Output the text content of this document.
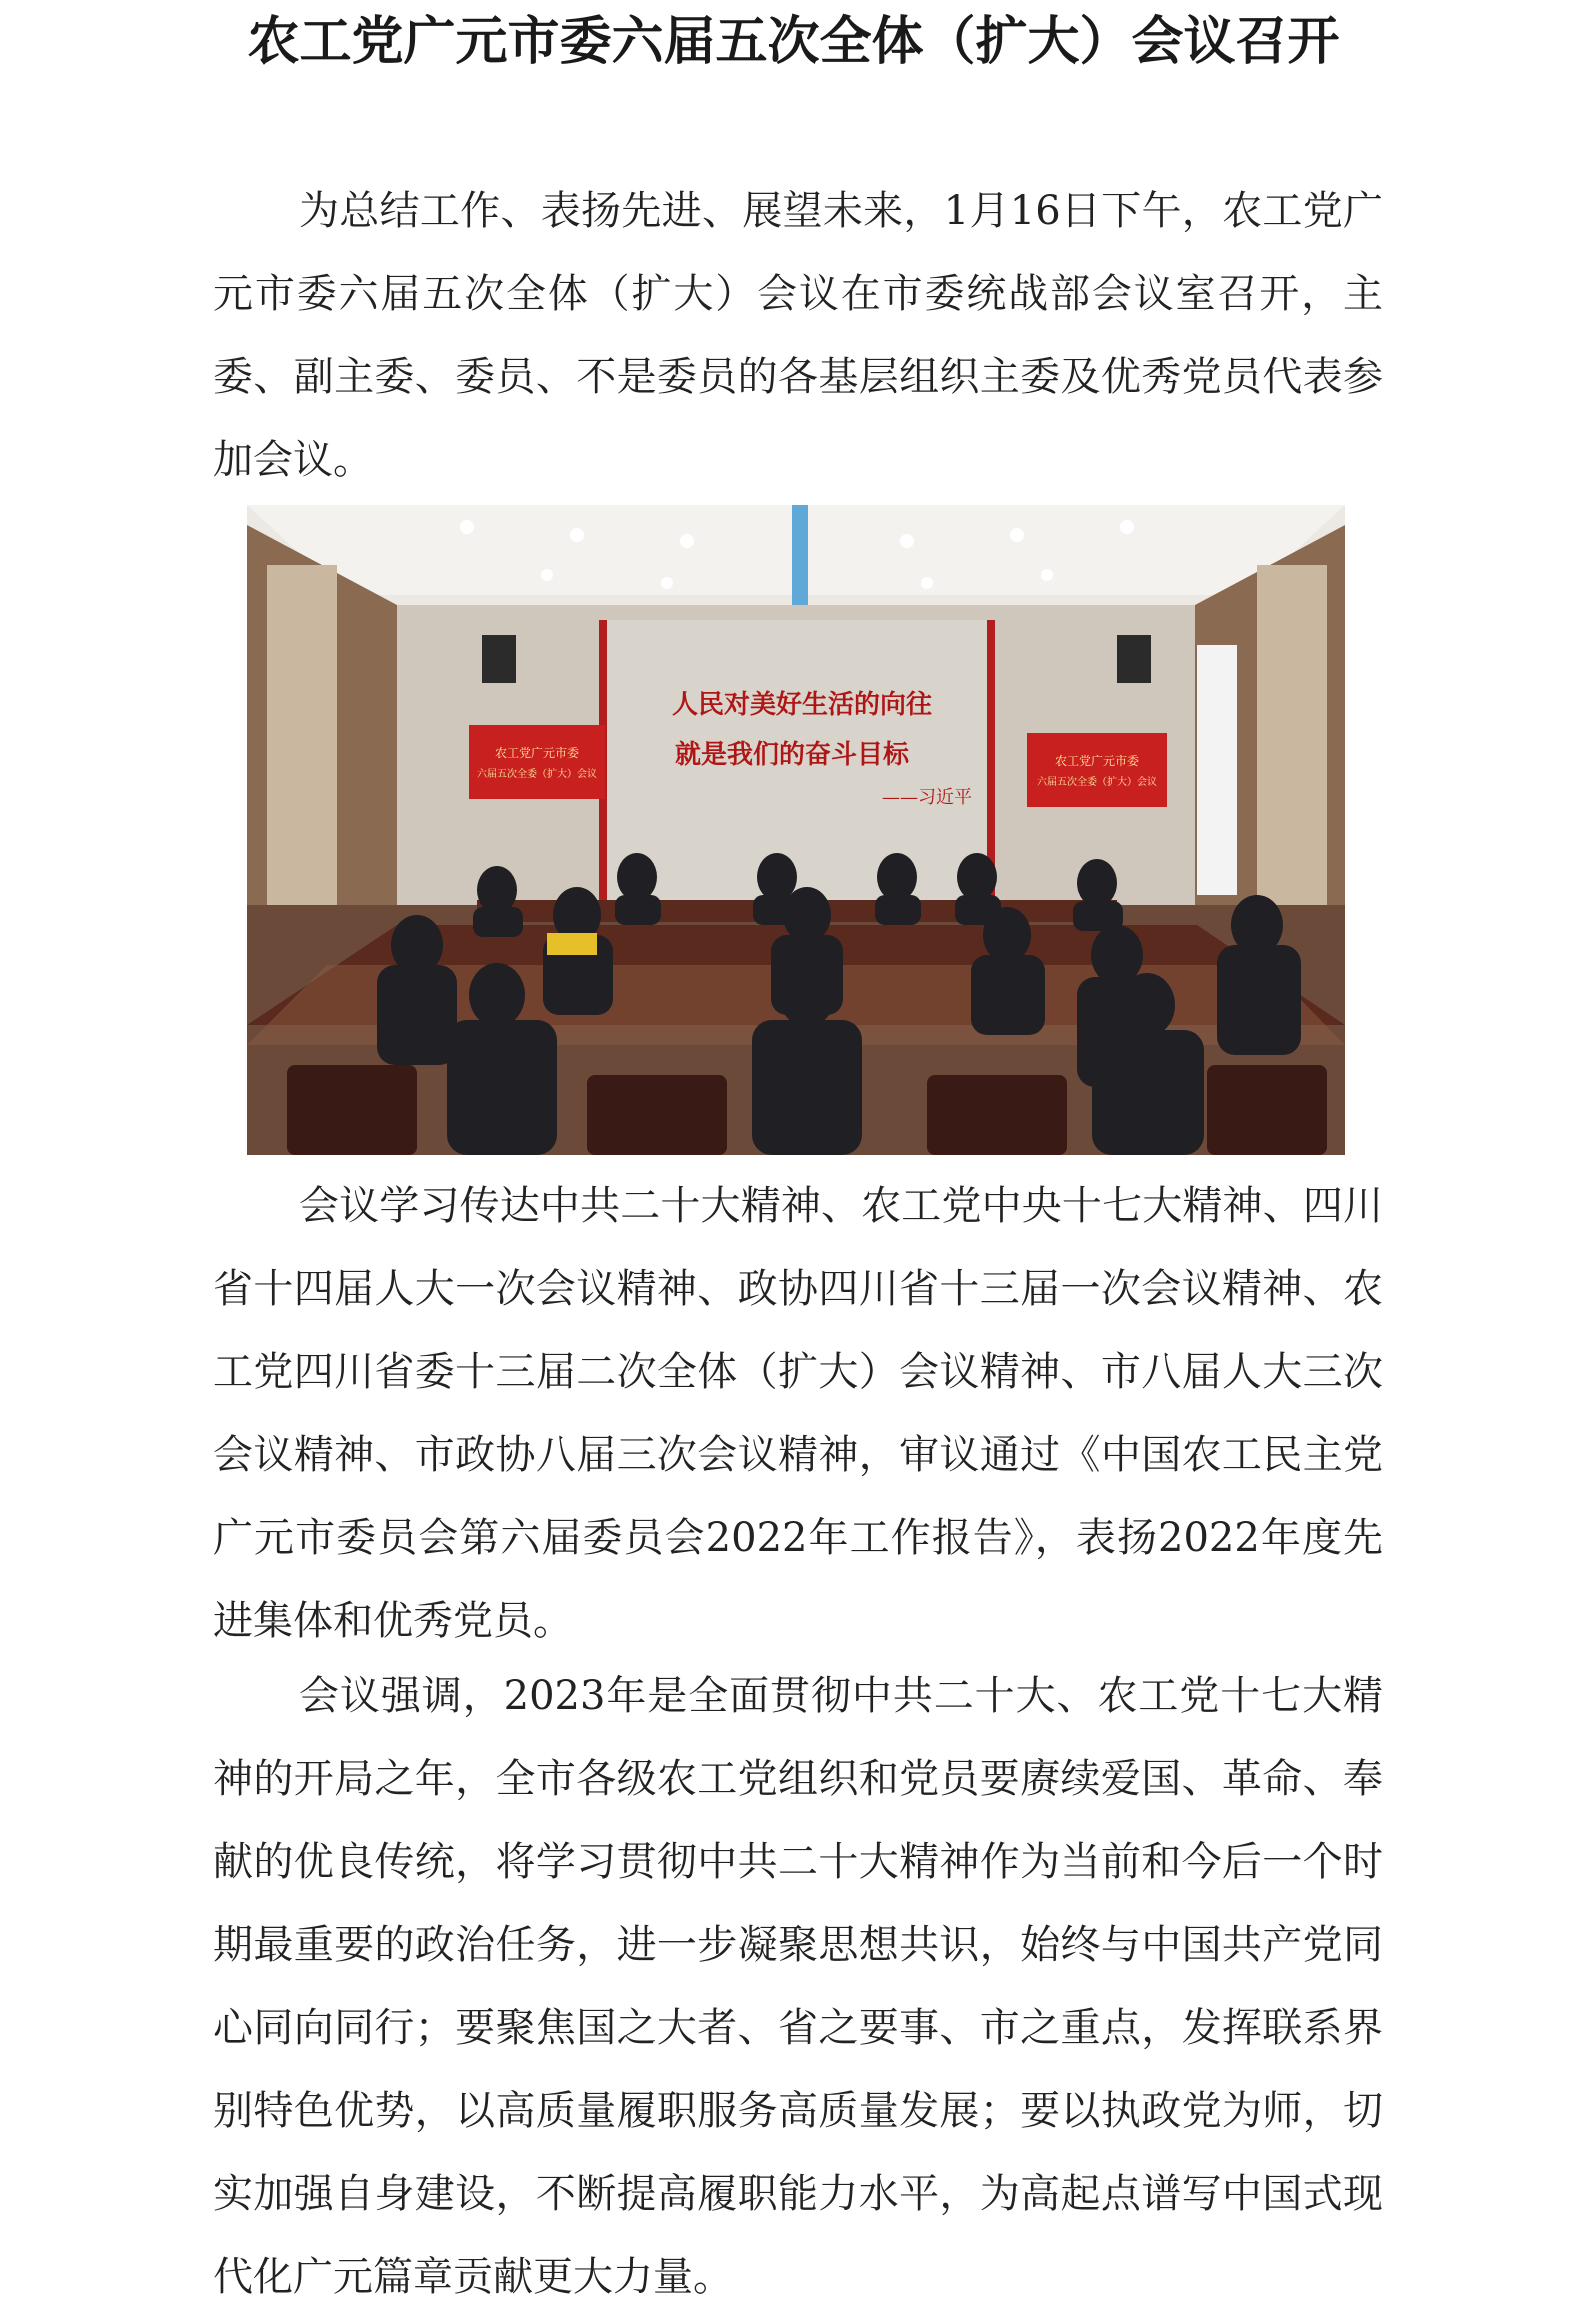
农工党广元市委六届五次全体（扩大）会议召开

为总结工作、表扬先进、展望未来，1月16日下午，农工党广元市委六届五次全体（扩大）会议在市委统战部会议室召开，主委、副主委、委员、不是委员的各基层组织主委及优秀党员代表参加会议。

人民对美好生活的向往
就是我们的奋斗目标
——习近平
农工党广元市委
六届五次全委（扩大）会议
农工党广元市委
六届五次全委（扩大）会议

会议学习传达中共二十大精神、农工党中央十七大精神、四川省十四届人大一次会议精神、政协四川省十三届一次会议精神、农工党四川省委十三届二次全体（扩大）会议精神、市八届人大三次会议精神、市政协八届三次会议精神，审议通过《中国农工民主党广元市委员会第六届委员会2022年工作报告》，表扬2022年度先进集体和优秀党员。

会议强调，2023年是全面贯彻中共二十大、农工党十七大精神的开局之年，全市各级农工党组织和党员要赓续爱国、革命、奉献的优良传统，将学习贯彻中共二十大精神作为当前和今后一个时期最重要的政治任务，进一步凝聚思想共识，始终与中国共产党同心同向同行；要聚焦国之大者、省之要事、市之重点，发挥联系界别特色优势，以高质量履职服务高质量发展；要以执政党为师，切实加强自身建设，不断提高履职能力水平，为高起点谱写中国式现代化广元篇章贡献更大力量。
